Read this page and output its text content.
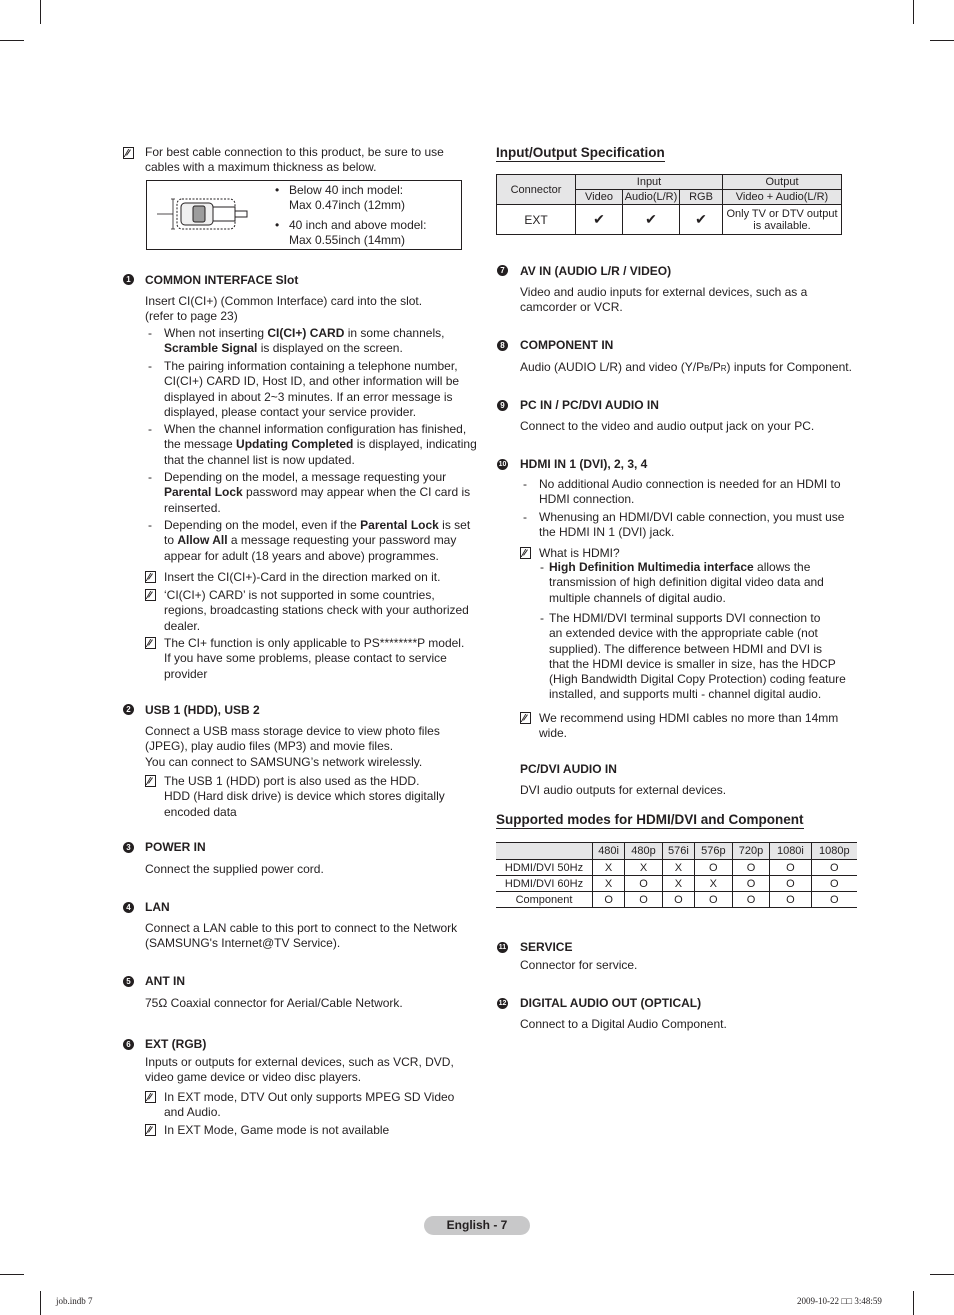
For best cable connection to this product, be sure to use
cables with a maximum thickness as below.
• Below 40 inch model:
Max 0.47inch (12mm)
• 40 inch and above model:
Max 0.55inch (14mm)
1 COMMON INTERFACE Slot
Insert CI(CI+) (Common Interface) card into the slot.
(refer to page 23)
- When not inserting CI(CI+) CARD in some channels,
Scramble Signal is displayed on the screen.
- The pairing information containing a telephone number,
CI(CI+) CARD ID, Host ID, and other information will be
displayed in about 2~3 minutes. If an error message is
displayed, please contact your service provider.
- When the channel information configuration has finished,
the message Updating Completed is displayed, indicating
that the channel list is now updated.
- Depending on the model, a message requesting your
Parental Lock password may appear when the CI card is
reinserted.
- Depending on the model, even if the Parental Lock is set
to Allow All a message requesting your password may
appear for adult (18 years and above) programmes.
Insert the CI(CI+)-Card in the direction marked on it.
‘CI(CI+) CARD’ is not supported in some countries,
regions, broadcasting stations check with your authorized
dealer.
The CI+ function is only applicable to PS********P model.
If you have some problems, please contact to service
provider
2 USB 1 (HDD), USB 2
Connect a USB mass storage device to view photo files
(JPEG), play audio files (MP3) and movie files.
You can connect to SAMSUNG’s network wirelessly.
The USB 1 (HDD) port is also used as the HDD.
HDD (Hard disk drive) is device which stores digitally
encoded data
3 POWER IN
Connect the supplied power cord.
4 LAN
Connect a LAN cable to this port to connect to the Network
(SAMSUNG's Internet@TV Service).
5 ANT IN
75Ω Coaxial connector for Aerial/Cable Network.
6 EXT (RGB)
Inputs or outputs for external devices, such as VCR, DVD,
video game device or video disc players.
In EXT mode, DTV Out only supports MPEG SD Video
and Audio.
In EXT Mode, Game mode is not available
Input/Output Specification
Connector	Input			Output
	Video	Audio(L/R)	RGB	Video + Audio(L/R)
EXT	✔	✔	✔	Only TV or DTV output
is available.
7 AV IN (AUDIO L/R / VIDEO)
Video and audio inputs for external devices, such as a
camcorder or VCR.
8 COMPONENT IN
Audio (AUDIO L/R) and video (Y/PB/PR) inputs for Component.
9 PC IN / PC/DVI AUDIO IN
Connect to the video and audio output jack on your PC.
10 HDMI IN 1 (DVI), 2, 3, 4
- No additional Audio connection is needed for an HDMI to
HDMI connection.
- Whenusing an HDMI/DVI cable connection, you must use
the HDMI IN 1 (DVI) jack.
What is HDMI?
- High Definition Multimedia interface allows the
transmission of high definition digital video data and
multiple channels of digital audio.
- The HDMI/DVI terminal supports DVI connection to
an extended device with the appropriate cable (not
supplied). The difference between HDMI and DVI is
that the HDMI device is smaller in size, has the HDCP
(High Bandwidth Digital Copy Protection) coding feature
installed, and supports multi - channel digital audio.
We recommend using HDMI cables no more than 14mm
wide.
PC/DVI AUDIO IN
DVI audio outputs for external devices.
Supported modes for HDMI/DVI and Component
	480i	480p	576i	576p	720p	1080i	1080p
HDMI/DVI 50Hz	X	X	X	O	O	O	O
HDMI/DVI 60Hz	X	O	X	X	O	O	O
Component	O	O	O	O	O	O	O
11 SERVICE
Connector for service.
12 DIGITAL AUDIO OUT (OPTICAL)
Connect to a Digital Audio Component.
English - 7
job.indb 7	2009-10-22 □□ 3:48:59
